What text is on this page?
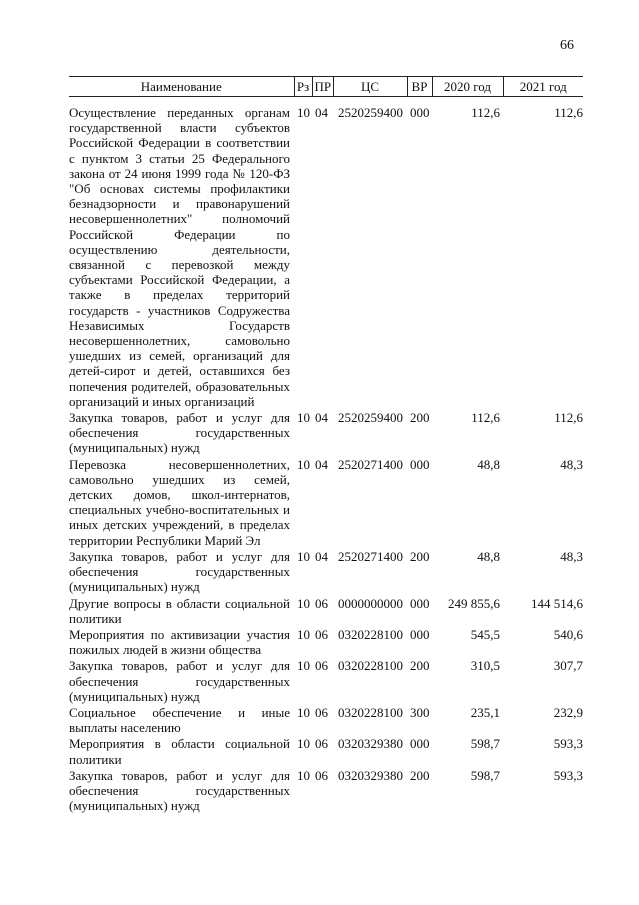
66
Наименование	Рз	ПР	ЦС	ВР	2020 год	2021 год
Осуществление переданных органам государственной власти субъектов Российской Федерации в соответствии с пунктом 3 статьи 25 Федерального закона от 24 июня 1999 года № 120-ФЗ "Об основах системы профилактики безнадзорности и правонарушений несовершеннолетних" полномочий Российской Федерации по осуществлению деятельности, связанной с перевозкой между субъектами Российской Федерации, а также в пределах территорий государств - участников Содружества Независимых Государств несовершеннолетних, самовольно ушедших из семей, организаций для детей-сирот и детей, оставшихся без попечения родителей, образовательных организаций и иных организаций	10	04	2520259400	000	112,6	112,6
Закупка товаров, работ и услуг для обеспечения государственных (муниципальных) нужд	10	04	2520259400	200	112,6	112,6
Перевозка несовершеннолетних, самовольно ушедших из семей, детских домов, школ-интернатов, специальных учебно-воспитательных и иных детских учреждений, в пределах территории Республики Марий Эл	10	04	2520271400	000	48,8	48,3
Закупка товаров, работ и услуг для обеспечения государственных (муниципальных) нужд	10	04	2520271400	200	48,8	48,3
Другие вопросы в области социальной политики	10	06	0000000000	000	249 855,6	144 514,6
Мероприятия по активизации участия пожилых людей в жизни общества	10	06	0320228100	000	545,5	540,6
Закупка товаров, работ и услуг для обеспечения государственных (муниципальных) нужд	10	06	0320228100	200	310,5	307,7
Социальное обеспечение и иные выплаты населению	10	06	0320228100	300	235,1	232,9
Мероприятия в области социальной политики	10	06	0320329380	000	598,7	593,3
Закупка товаров, работ и услуг для обеспечения государственных (муниципальных) нужд	10	06	0320329380	200	598,7	593,3
